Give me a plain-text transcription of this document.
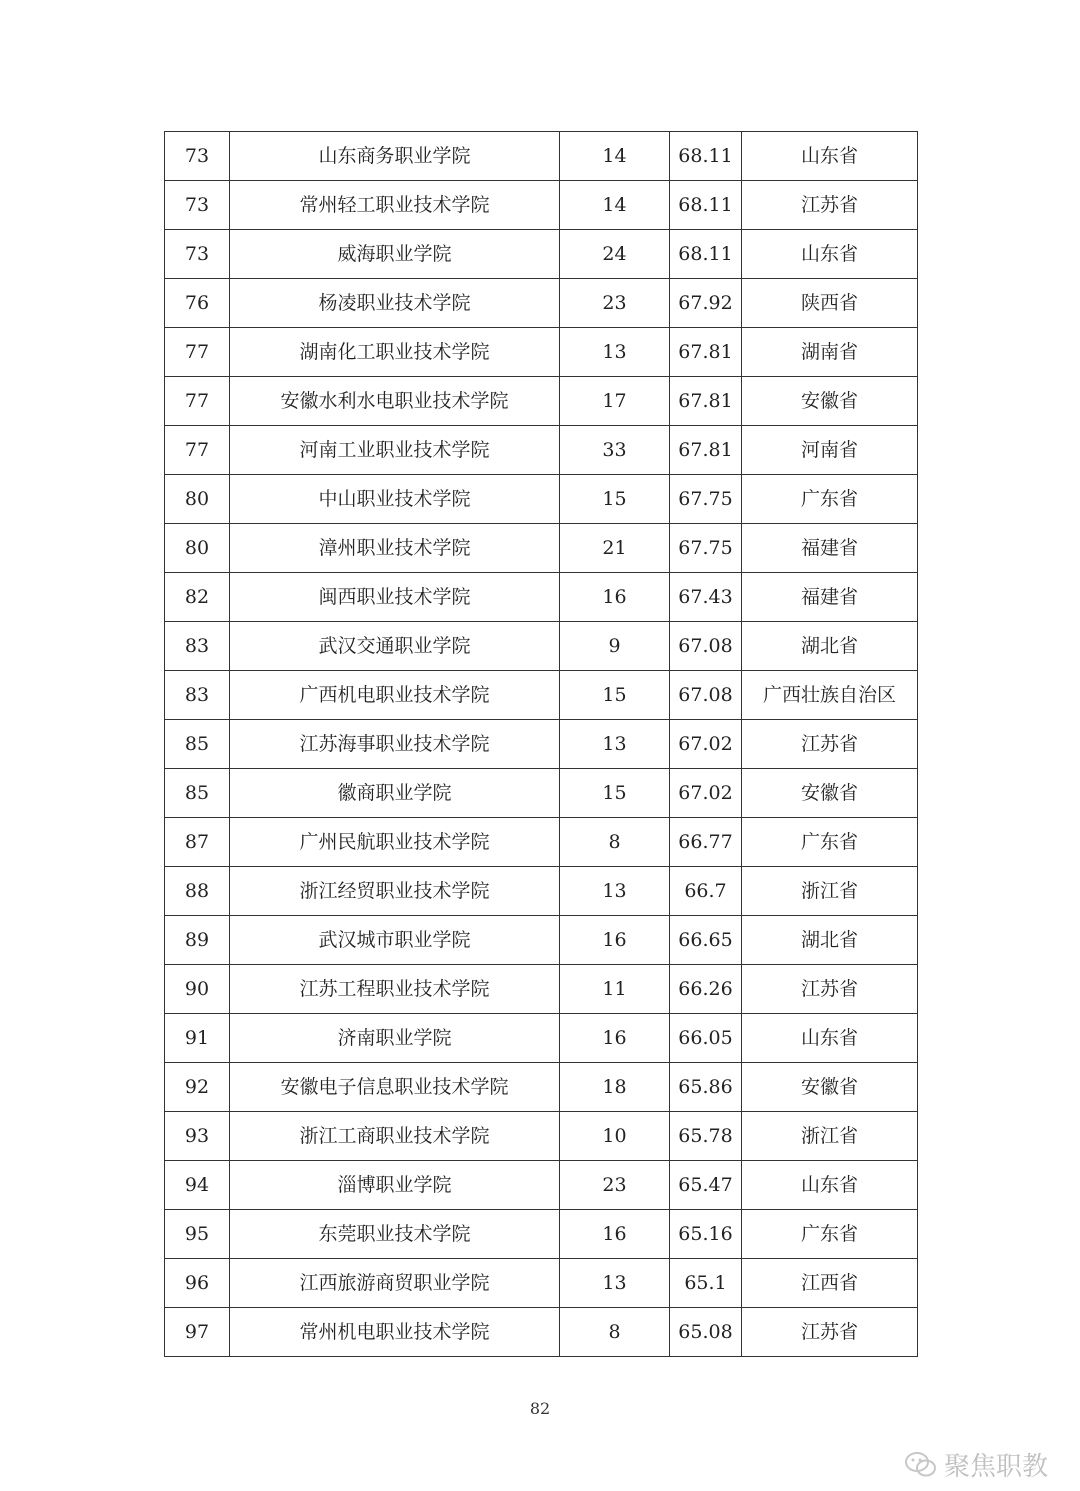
73	山东商务职业学院	14	68.11	山东省
73	常州轻工职业技术学院	14	68.11	江苏省
73	威海职业学院	24	68.11	山东省
76	杨凌职业技术学院	23	67.92	陕西省
77	湖南化工职业技术学院	13	67.81	湖南省
77	安徽水利水电职业技术学院	17	67.81	安徽省
77	河南工业职业技术学院	33	67.81	河南省
80	中山职业技术学院	15	67.75	广东省
80	漳州职业技术学院	21	67.75	福建省
82	闽西职业技术学院	16	67.43	福建省
83	武汉交通职业学院	9	67.08	湖北省
83	广西机电职业技术学院	15	67.08	广西壮族自治区
85	江苏海事职业技术学院	13	67.02	江苏省
85	徽商职业学院	15	67.02	安徽省
87	广州民航职业技术学院	8	66.77	广东省
88	浙江经贸职业技术学院	13	66.7	浙江省
89	武汉城市职业学院	16	66.65	湖北省
90	江苏工程职业技术学院	11	66.26	江苏省
91	济南职业学院	16	66.05	山东省
92	安徽电子信息职业技术学院	18	65.86	安徽省
93	浙江工商职业技术学院	10	65.78	浙江省
94	淄博职业学院	23	65.47	山东省
95	东莞职业技术学院	16	65.16	广东省
96	江西旅游商贸职业学院	13	65.1	江西省
97	常州机电职业技术学院	8	65.08	江苏省
82
聚焦职教
